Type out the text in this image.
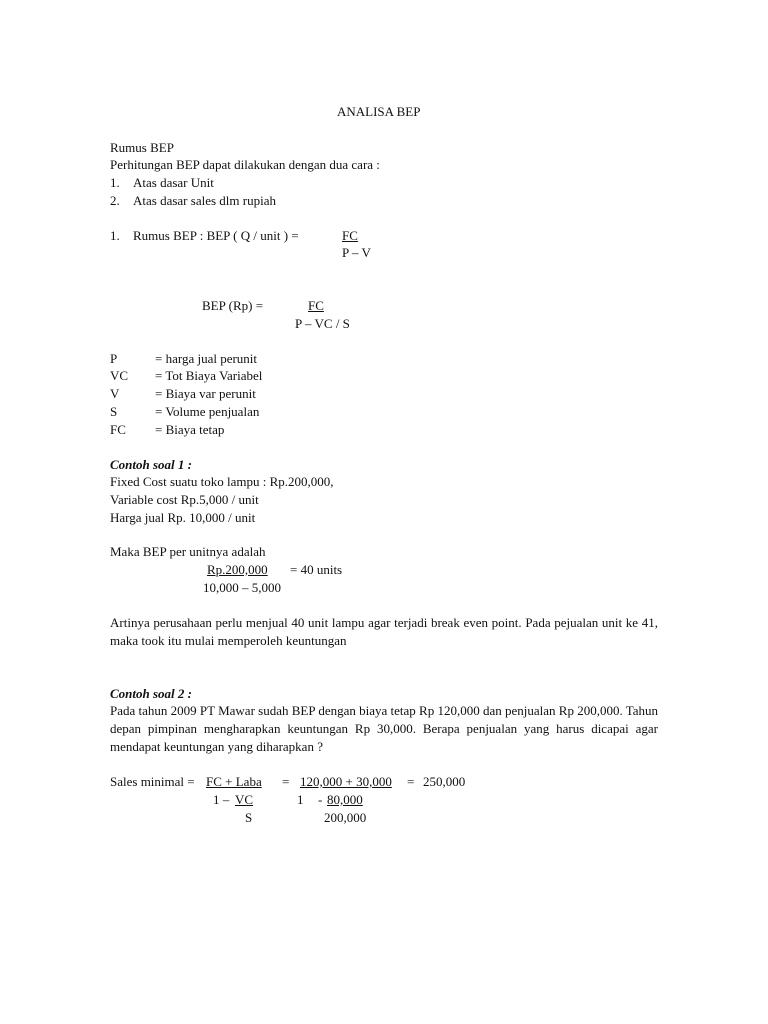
ANALISA BEP
Rumus BEP
Perhitungan BEP dapat dilakukan dengan dua cara :
1. Atas dasar Unit
2. Atas dasar sales dlm rupiah
1. Rumus BEP : BEP ( Q / unit ) =	FC
P – V
BEP (Rp) =	FC
P – VC / S
P	= harga jual perunit
VC = Tot Biaya Variabel
V	= Biaya var perunit
S	= Volume penjualan
FC = Biaya tetap
Contoh soal 1 :
Fixed Cost suatu toko lampu : Rp.200,000,
Variable cost Rp.5,000 / unit
Harga jual Rp. 10,000 / unit
Maka BEP per unitnya adalah
Rp.200,000 = 40 units
10,000 – 5,000
Artinya perusahaan perlu menjual 40 unit lampu agar terjadi break even point. Pada pejualan unit ke 41, maka took itu mulai memperoleh keuntungan
Contoh soal 2 :
Pada tahun 2009 PT Mawar sudah BEP dengan biaya tetap Rp 120,000 dan penjualan Rp 200,000. Tahun depan pimpinan mengharapkan keuntungan Rp 30,000. Berapa penjualan yang harus dicapai agar mendapat keuntungan yang diharapkan ?
Sales minimal = FC + Laba = 120,000 + 30,000 = 250,000
1 – VC
S
1 - 80,000
200,000
